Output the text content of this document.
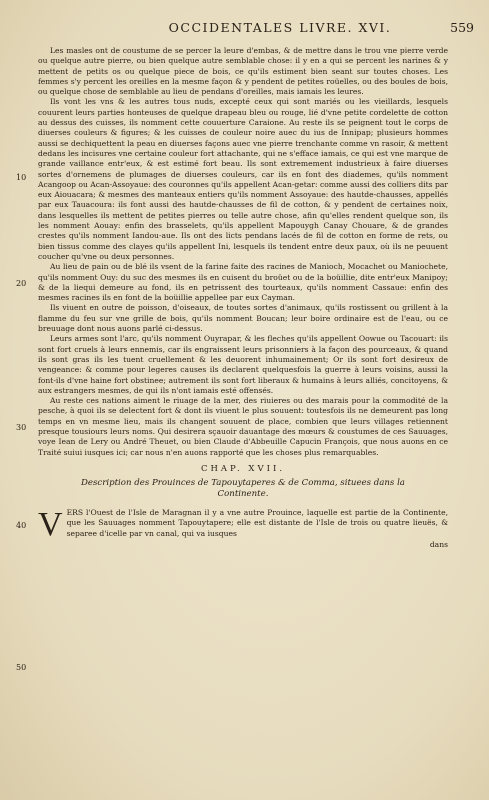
OCCIDENTALES LIVRE. XVI.	559
10
20
30
40
50

Les masles ont de coustume de se percer la leure d'embas, & de mettre dans le trou vne pierre verde ou quelque autre pierre, ou bien quelque autre semblable chose: il y en a qui se percent les narines & y mettent de petits os ou quelque piece de bois, ce qu'ils estiment bien seant sur toutes choses. Les femmes s'y percent les oreilles en la mesme façon & y pendent de petites roüelles, ou des boules de bois, ou quelque chose de semblable au lieu de pendans d'oreilles, mais iamais les leures.

Ils vont les vns & les autres tous nuds, excepté ceux qui sont mariés ou les vieillards, lesquels couurent leurs parties honteuses de quelque drapeau bleu ou rouge, lié d'vne petite cordelette de cotton au dessus des cuisses, ils nomment cette couuerture Caraione. Au reste ils se peignent tout le corps de diuerses couleurs & figures; & les cuisses de couleur noire auec du ius de Innipap; plusieurs hommes aussi se dechiquettent la peau en diuerses façons auec vne pierre trenchante comme vn rasoir, & mettent dedans les incisures vne certaine couleur fort attachante, qui ne s'efface iamais, ce qui est vne marque de grande vaillance entr'eux, & est estimé fort beau. Ils sont extremement industrieux à faire diuerses sortes d'ornemens de plumages de diuerses couleurs, car ils en font des diademes, qu'ils nomment Acangoop ou Acan-Assoyaue: des couronnes qu'ils appellent Acan-getar: comme aussi des colliers dits par eux Aiouacara; & mesmes des manteaux entiers qu'ils nomment Assoyaue: des hautde-chausses, appellés par eux Tauacoura: ils font aussi des hautde-chausses de fil de cotton, & y pendent de certaines noix, dans lesquelles ils mettent de petites pierres ou telle autre chose, afin qu'elles rendent quelque son, ils les nomment Aouay: enfin des brasselets, qu'ils appellent Mapouygh Canay Chouare, & de grandes crestes qu'ils nomment Iandou-aue. Ils ont des licts pendans lacés de fil de cotton en forme de rets, ou bien tissus comme des clayes qu'ils appellent Ini, lesquels ils tendent entre deux paux, où ils ne peuuent coucher qu'vne ou deux personnes.

Au lieu de pain ou de blé ils vsent de la farine faite des racines de Manioch, Mocachet ou Maniochete, qu'ils nomment Ouy: du suc des mesmes ils en cuisent du broüet ou de la boüillie, dite entr'eux Manipoy; & de la liequi demeure au fond, ils en petrissent des tourteaux, qu'ils nomment Cassaue: enfin des mesmes racines ils en font de la boüillie appellee par eux Cayman.

Ils viuent en outre de poisson, d'oiseaux, de toutes sortes d'animaux, qu'ils rostissent ou grillent à la flamme du feu sur vne grille de bois, qu'ils nomment Boucan; leur boire ordinaire est de l'eau, ou ce breuuage dont nous auons parlé ci-dessus.

Leurs armes sont l'arc, qu'ils nomment Ouyrapar, & les fleches qu'ils appellent Oowue ou Tacouart: ils sont fort cruels à leurs ennemis, car ils engraissent leurs prisonniers à la façon des pourceaux, & quand ils sont gras ils les tuent cruellement & les deuorent inhumainement; Or ils sont fort desireux de vengeance: & comme pour legeres causes ils declarent quelquesfois la guerre à leurs voisins, aussi la font-ils d'vne haine fort obstinee; autrement ils sont fort liberaux & humains à leurs alliés, concitoyens, & aux estrangers mesmes, de qui ils n'ont iamais esté offensés.

Au reste ces nations aiment le riuage de la mer, des riuieres ou des marais pour la commodité de la pesche, à quoi ils se delectent fort & dont ils viuent le plus souuent: toutesfois ils ne demeurent pas long temps en vn mesme lieu, mais ils changent souuent de place, combien que leurs villages retiennent presque tousiours leurs noms. Qui desirera sçauoir dauantage des mœurs & coustumes de ces Sauuages, voye Iean de Lery ou André Theuet, ou bien Claude d'Abbeuille Capucin François, que nous auons en ce Traité suiui iusques ici; car nous n'en auons rapporté que les choses plus remarquables.

CHAP. XVII.
Description des Prouinces de Tapouytaperes & de Comma, situees dans la Continente.
V ERS l'Ouest de l'Isle de Maragnan il y a vne autre Prouince, laquelle est partie de la Continente, que les Sauuages nomment Tapouytapere; elle est distante de l'Isle de trois ou quatre lieuës, & separee d'icelle par vn canal, qui va iusques

dans
